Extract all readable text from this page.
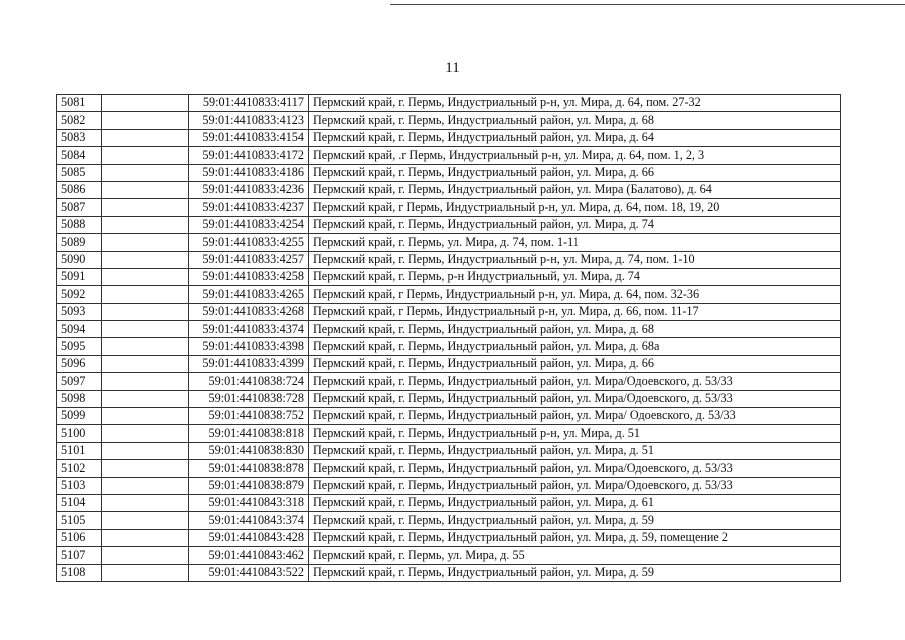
11
5081		59:01:4410833:4117	Пермский край, г. Пермь, Индустриальный р-н, ул. Мира, д. 64, пом. 27-32
5082		59:01:4410833:4123	Пермский край, г. Пермь, Индустриальный район, ул. Мира, д. 68
5083		59:01:4410833:4154	Пермский край, г. Пермь, Индустриальный район, ул. Мира, д. 64
5084		59:01:4410833:4172	Пермский край, .г Пермь, Индустриальный р-н, ул. Мира, д. 64, пом. 1, 2, 3
5085		59:01:4410833:4186	Пермский край, г. Пермь, Индустриальный район, ул. Мира, д. 66
5086		59:01:4410833:4236	Пермский край, г. Пермь, Индустриальный район, ул. Мира (Балатово), д. 64
5087		59:01:4410833:4237	Пермский край, г Пермь, Индустриальный р-н, ул. Мира, д. 64, пом. 18, 19, 20
5088		59:01:4410833:4254	Пермский край, г. Пермь, Индустриальный район, ул. Мира, д. 74
5089		59:01:4410833:4255	Пермский край, г. Пермь, ул. Мира, д. 74, пом. 1-11
5090		59:01:4410833:4257	Пермский край, г. Пермь, Индустриальный р-н, ул. Мира, д. 74, пом. 1-10
5091		59:01:4410833:4258	Пермский край, г. Пермь, р-н Индустриальный, ул. Мира, д. 74
5092		59:01:4410833:4265	Пермский край, г Пермь, Индустриальный р-н, ул. Мира, д. 64, пом. 32-36
5093		59:01:4410833:4268	Пермский край, г Пермь, Индустриальный р-н, ул. Мира, д. 66, пом. 11-17
5094		59:01:4410833:4374	Пермский край, г. Пермь, Индустриальный район, ул. Мира, д. 68
5095		59:01:4410833:4398	Пермский край, г. Пермь, Индустриальный район, ул. Мира, д. 68а
5096		59:01:4410833:4399	Пермский край, г. Пермь, Индустриальный район, ул. Мира, д. 66
5097		59:01:4410838:724	Пермский край, г. Пермь, Индустриальный район, ул. Мира/Одоевского, д. 53/33
5098		59:01:4410838:728	Пермский край, г. Пермь, Индустриальный район, ул. Мира/Одоевского, д. 53/33
5099		59:01:4410838:752	Пермский край, г. Пермь, Индустриальный район, ул. Мира/ Одоевского, д. 53/33
5100		59:01:4410838:818	Пермский край, г. Пермь, Индустриальный р-н, ул. Мира, д. 51
5101		59:01:4410838:830	Пермский край, г. Пермь, Индустриальный район, ул. Мира, д. 51
5102		59:01:4410838:878	Пермский край, г. Пермь, Индустриальный район, ул. Мира/Одоевского, д. 53/33
5103		59:01:4410838:879	Пермский край, г. Пермь, Индустриальный район, ул. Мира/Одоевского, д. 53/33
5104		59:01:4410843:318	Пермский край, г. Пермь, Индустриальный район, ул. Мира, д. 61
5105		59:01:4410843:374	Пермский край, г. Пермь, Индустриальный район, ул. Мира, д. 59
5106		59:01:4410843:428	Пермский край, г. Пермь, Индустриальный район, ул. Мира, д. 59, помещение 2
5107		59:01:4410843:462	Пермский край, г. Пермь, ул. Мира, д. 55
5108		59:01:4410843:522	Пермский край, г. Пермь, Индустриальный район, ул. Мира, д. 59
